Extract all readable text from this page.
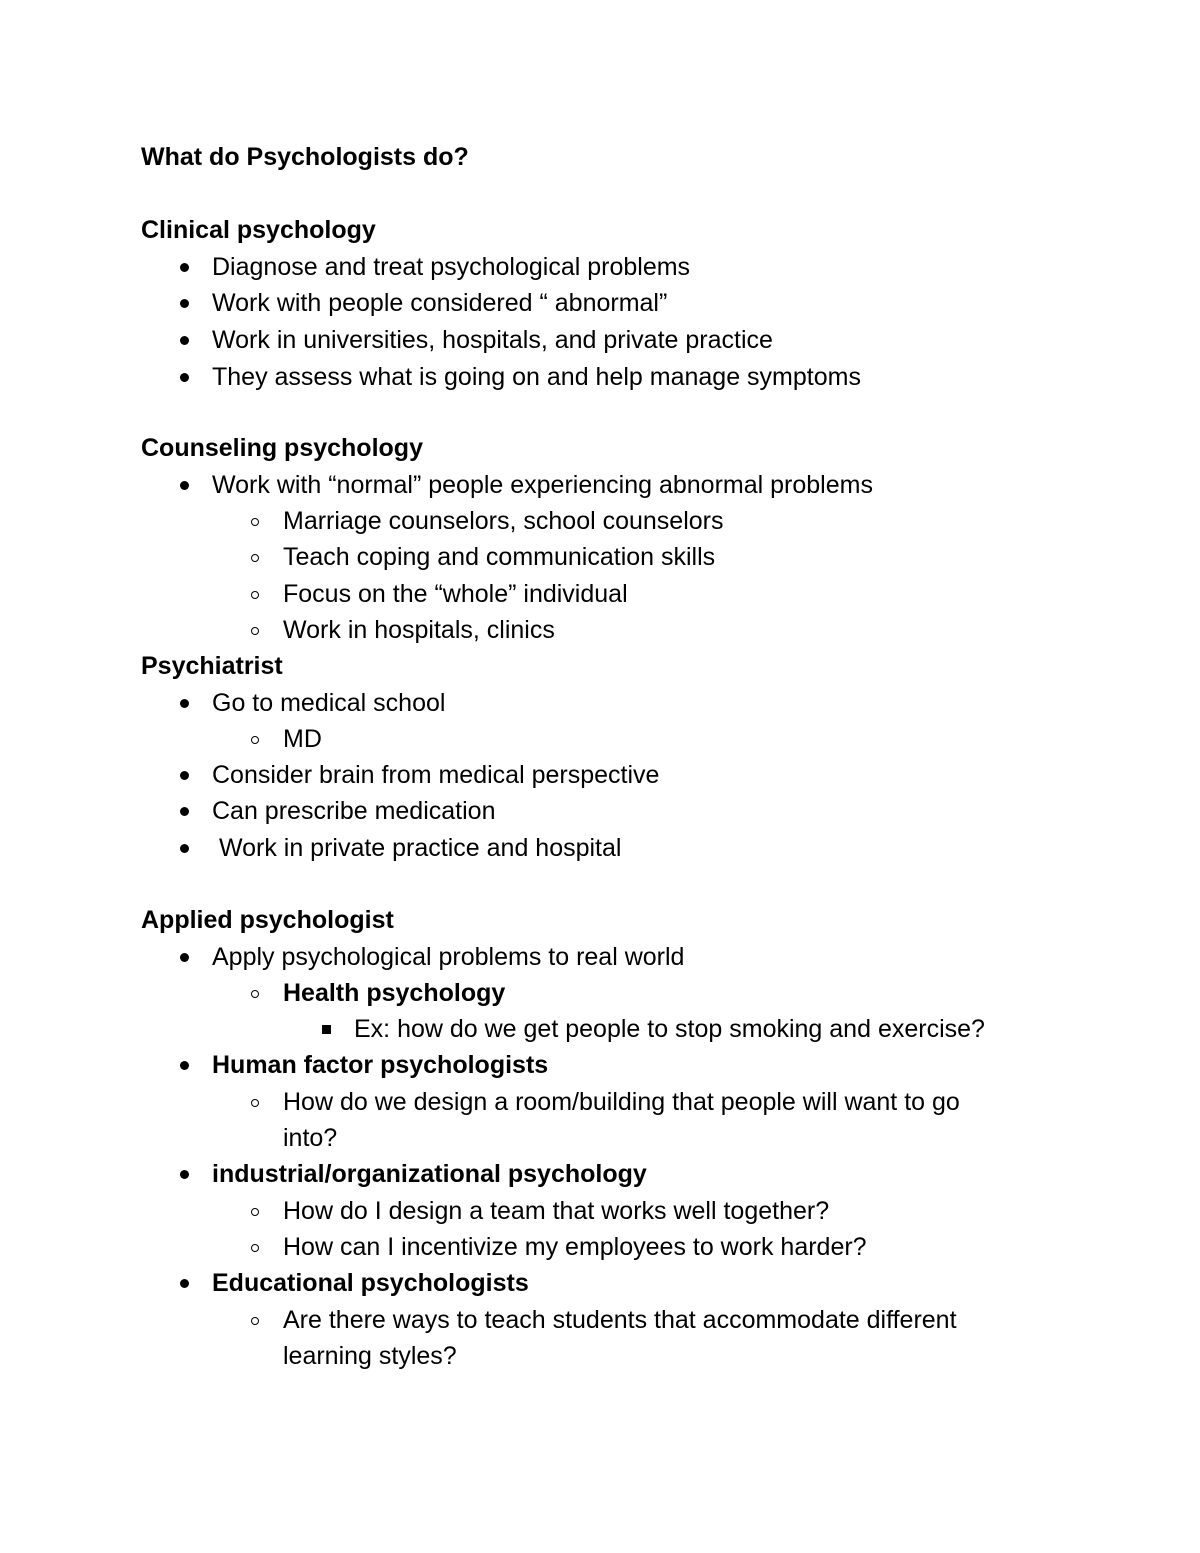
What do Psychologists do?
Clinical psychology
Diagnose and treat psychological problems
Work with people considered “ abnormal”
Work in universities, hospitals, and private practice
They assess what is going on and help manage symptoms
Counseling psychology
Work with “normal” people experiencing abnormal problems
Marriage counselors, school counselors
Teach coping and communication skills
Focus on the “whole” individual
Work in hospitals, clinics
Psychiatrist
Go to medical school
MD
Consider brain from medical perspective
Can prescribe medication
Work in private practice and hospital
Applied psychologist
Apply psychological problems to real world
Health psychology
Ex: how do we get people to stop smoking and exercise?
Human factor psychologists
How do we design a room/building that people will want to go
into?
industrial/organizational psychology
How do I design a team that works well together?
How can I incentivize my employees to work harder?
Educational psychologists
Are there ways to teach students that accommodate different
learning styles?
